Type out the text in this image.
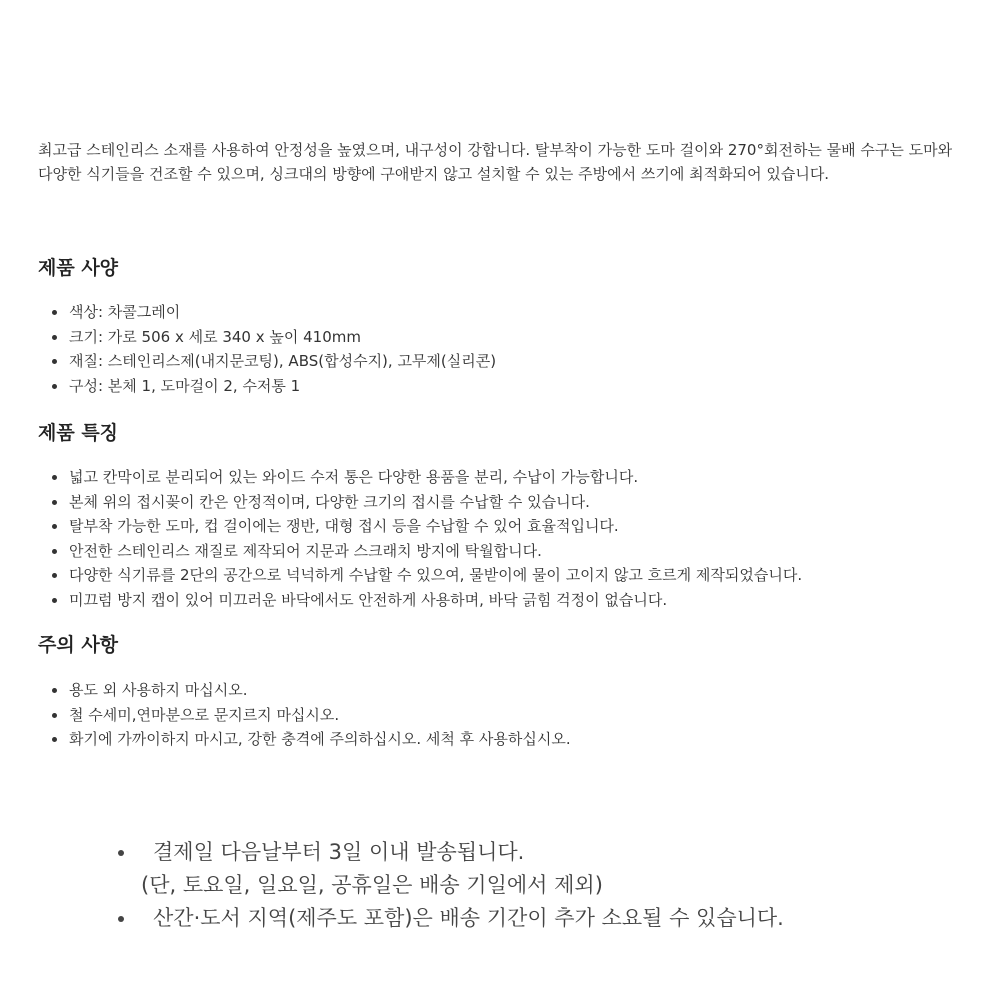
최고급 스테인리스 소재를 사용하여 안정성을 높였으며, 내구성이 강합니다. 탈부착이 가능한 도마 걸이와 270°회전하는 물배 수구는 도마와 다양한 식기들을 건조할 수 있으며, 싱크대의 방향에 구애받지 않고 설치할 수 있는 주방에서 쓰기에 최적화되어 있습니다.

제품 사양
색상: 차콜그레이
크기: 가로 506 x 세로 340 x 높이 410mm
재질: 스테인리스제(내지문코팅), ABS(합성수지), 고무제(실리콘)
구성: 본체 1, 도마걸이 2, 수저통 1
제품 특징
넓고 칸막이로 분리되어 있는 와이드 수저 통은 다양한 용품을 분리, 수납이 가능합니다.
본체 위의 접시꽂이 칸은 안정적이며, 다양한 크기의 접시를 수납할 수 있습니다.
탈부착 가능한 도마, 컵 걸이에는 쟁반, 대형 접시 등을 수납할 수 있어 효율적입니다.
안전한 스테인리스 재질로 제작되어 지문과 스크래치 방지에 탁월합니다.
다양한 식기류를 2단의 공간으로 넉넉하게 수납할 수 있으여, 물받이에 물이 고이지 않고 흐르게 제작되었습니다.
미끄럼 방지 캡이 있어 미끄러운 바닥에서도 안전하게 사용하며, 바닥 긁힘 걱정이 없습니다.
주의 사항
용도 외 사용하지 마십시오.
철 수세미,연마분으로 문지르지 마십시오.
화기에 가까이하지 마시고, 강한 충격에 주의하십시오. 세척 후 사용하십시오.
결제일 다음날부터 3일 이내 발송됩니다.
(단, 토요일, 일요일, 공휴일은 배송 기일에서 제외)
산간·도서 지역(제주도 포함)은 배송 기간이 추가 소요될 수 있습니다.
